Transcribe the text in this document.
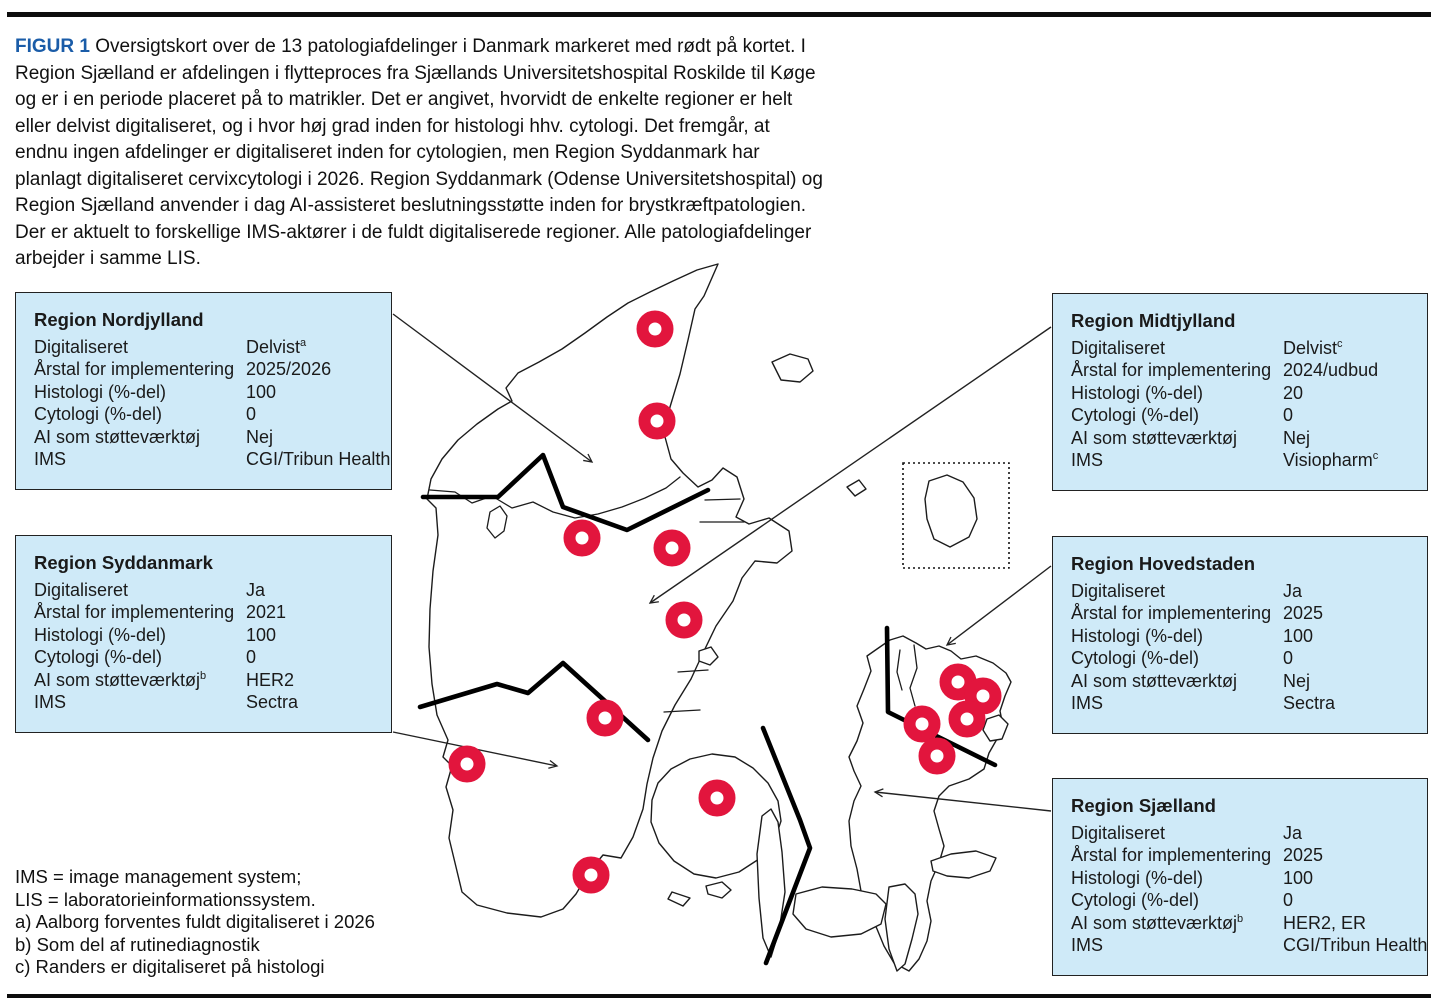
FIGUR 1 Oversigtskort over de 13 patologiafdelinger i Danmark markeret med rødt på kortet. I Region Sjælland er afdelingen i flytteproces fra Sjællands Universitetshospital Roskilde til Køge og er i en periode placeret på to matrikler. Det er angivet, hvorvidt de enkelte regioner er helt eller delvist digitaliseret, og i hvor høj grad inden for histologi hhv. cytologi. Det fremgår, at endnu ingen afdelinger er digitaliseret inden for cytologien, men Region Syddanmark har planlagt digitaliseret cervixcytologi i 2026. Region Syddanmark (Odense Universitetshospital) og Region Sjælland anvender i dag AI-assisteret beslutningsstøtte inden for brystkræftpatologien. Der er aktuelt to forskellige IMS-aktører i de fuldt digitaliserede regioner. Alle patologiafdelinger arbejder i samme LIS.
Region Nordjylland
Digitaliseret	Delvist$^a$
Årstal for implementering 2025/2026
Histologi (%-del)	100
Cytologi (%-del)	0
AI som støtteværktøj	Nej
IMS	CGI/Tribun Health
Region Midtjylland
Digitaliseret	Delvist$^c$
Årstal for implementering 2024/udbud
Histologi (%-del)	20
Cytologi (%-del)	0
AI som støtteværktøj	Nej
IMS	Visiopharm$^c$
Region Syddanmark
Digitaliseret	Ja
Årstal for implementering 2021
Histologi (%-del)	100
Cytologi (%-del)	0
AI som støtteværktøj$^b$	HER2
IMS	Sectra
Region Hovedstaden
Digitaliseret	Ja
Årstal for implementering 2025
Histologi (%-del)	100
Cytologi (%-del)	0
AI som støtteværktøj	Nej
IMS	Sectra
Region Sjælland
Digitaliseret	Ja
Årstal for implementering 2025
Histologi (%-del)	100
Cytologi (%-del)	0
AI som støtteværktøj$^b$	HER2, ER
IMS	CGI/Tribun Health
IMS = image management system;
LIS = laboratorieinformationssystem.
a) Aalborg forventes fuldt digitaliseret i 2026
b) Som del af rutinediagnostik
c) Randers er digitaliseret på histologi
